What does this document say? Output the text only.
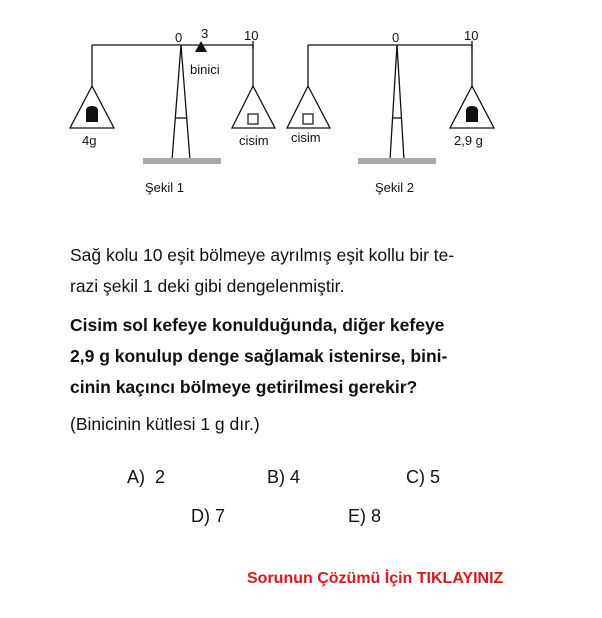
0 3	10
binici
4g	cisim
Şekil 1
0	10
cisim	2,9 g
Şekil 2
Sağ kolu 10 eşit bölmeye ayrılmış eşit kollu bir te-
razi şekil 1 deki gibi dengelenmiştir.
Cisim sol kefeye konulduğunda, diğer kefeye
2,9 g konulup denge sağlamak istenirse, bini-
cinin kaçıncı bölmeye getirilmesi gerekir?
(Binicinin kütlesi 1 g dır.)
A) 2	B) 4	C) 5
D) 7	E) 8
Sorunun Çözümü İçin TIKLAYINIZ
